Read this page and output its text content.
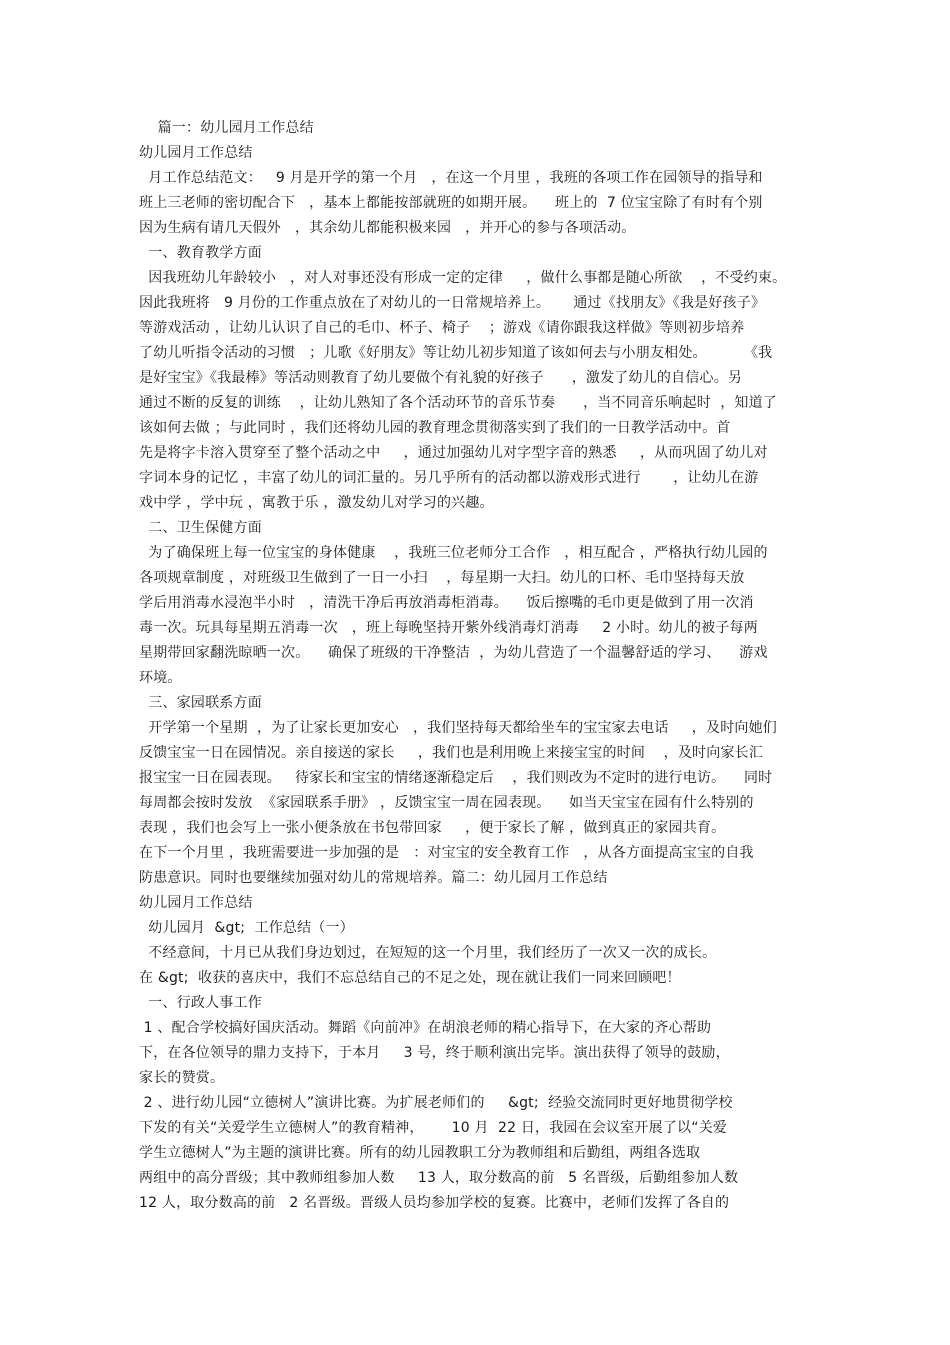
篇一：幼儿园月工作总结
幼儿园月工作总结
月工作总结范文：   9 月是开学的第一个月   ，在这一个月里 ，我班的各项工作在园领导的指导和
班上三老师的密切配合下   ，基本上都能按部就班的如期开展。    班上的  7 位宝宝除了有时有个别
因为生病有请几天假外   ，其余幼儿都能积极来园   ，并开心的参与各项活动。
一、教育教学方面
因我班幼儿年龄较小   ，对人对事还没有形成一定的定律     ，做什么事都是随心所欲    ，不受约束。
因此我班将   9 月份的工作重点放在了对幼儿的一日常规培养上。     通过《找朋友》《我是好孩子》
等游戏活动 ，让幼儿认识了自己的毛巾、杯子、椅子    ；游戏《请你跟我这样做》等则初步培养
了幼儿听指令活动的习惯   ；儿歌《好朋友》等让幼儿初步知道了该如何去与小朋友相处。        《我
是好宝宝》《我最棒》等活动则教育了幼儿要做个有礼貌的好孩子      ，激发了幼儿的自信心。另
通过不断的反复的训练    ，让幼儿熟知了各个活动环节的音乐节奏      ，当不同音乐响起时  ，知道了
该如何去做 ；与此同时 ，我们还将幼儿园的教育理念贯彻落实到了我们的一日教学活动中。首
先是将字卡溶入贯穿至了整个活动之中     ，通过加强幼儿对字型字音的熟悉     ，从而巩固了幼儿对
字词本身的记忆 ，丰富了幼儿的词汇量的。另几乎所有的活动都以游戏形式进行       ，让幼儿在游
戏中学 ，学中玩 ，寓教于乐 ，激发幼儿对学习的兴趣。
二、卫生保健方面
为了确保班上每一位宝宝的身体健康    ，我班三位老师分工合作   ，相互配合 ，严格执行幼儿园的
各项规章制度 ，对班级卫生做到了一日一小扫    ，每星期一大扫。幼儿的口杯、毛巾坚持每天放
学后用消毒水浸泡半小时   ，清洗干净后再放消毒柜消毒。    饭后擦嘴的毛巾更是做到了用一次消
毒一次。玩具每星期五消毒一次   ，班上每晚坚持开紫外线消毒灯消毒     2 小时。幼儿的被子每两
星期带回家翻洗晾晒一次。    确保了班级的干净整洁  ，为幼儿营造了一个温馨舒适的学习、    游戏
环境。
三、家园联系方面
开学第一个星期  ，为了让家长更加安心   ，我们坚持每天都给坐车的宝宝家去电话     ，及时向她们
反馈宝宝一日在园情况。亲自接送的家长     ，我们也是利用晚上来接宝宝的时间    ，及时向家长汇
报宝宝一日在园表现。   待家长和宝宝的情绪逐渐稳定后    ，我们则改为不定时的进行电访。    同时
每周都会按时发放  《家园联系手册》 ，反馈宝宝一周在园表现。    如当天宝宝在园有什么特别的
表现 ，我们也会写上一张小便条放在书包带回家     ，便于家长了解 ，做到真正的家园共育。
在下一个月里 ，我班需要进一步加强的是   ：对宝宝的安全教育工作   ，从各方面提高宝宝的自我
防患意识。同时也要继续加强对幼儿的常规培养。篇二：幼儿园月工作总结
幼儿园月工作总结
幼儿园月  &gt;  工作总结（一）
不经意间，十月已从我们身边划过，在短短的这一个月里，我们经历了一次又一次的成长。
在 &gt;  收获的喜庆中，我们不忘总结自己的不足之处，现在就让我们一同来回顾吧！
一、行政人事工作
1 、配合学校搞好国庆活动。舞蹈《向前冲》在胡浪老师的精心指导下，在大家的齐心帮助
下，在各位领导的鼎力支持下，于本月     3 号，终于顺利演出完毕。演出获得了领导的鼓励，
家长的赞赏。
2 、进行幼儿园“立德树人”演讲比赛。为扩展老师们的     &gt;  经验交流同时更好地贯彻学校
下发的有关“关爱学生立德树人”的教育精神，      10 月  22 日，我园在会议室开展了以“关爱
学生立德树人”为主题的演讲比赛。所有的幼儿园教职工分为教师组和后勤组，两组各选取
两组中的高分晋级；其中教师组参加人数     13 人，取分数高的前   5 名晋级，后勤组参加人数
12 人，取分数高的前   2 名晋级。晋级人员均参加学校的复赛。比赛中，老师们发挥了各自的
